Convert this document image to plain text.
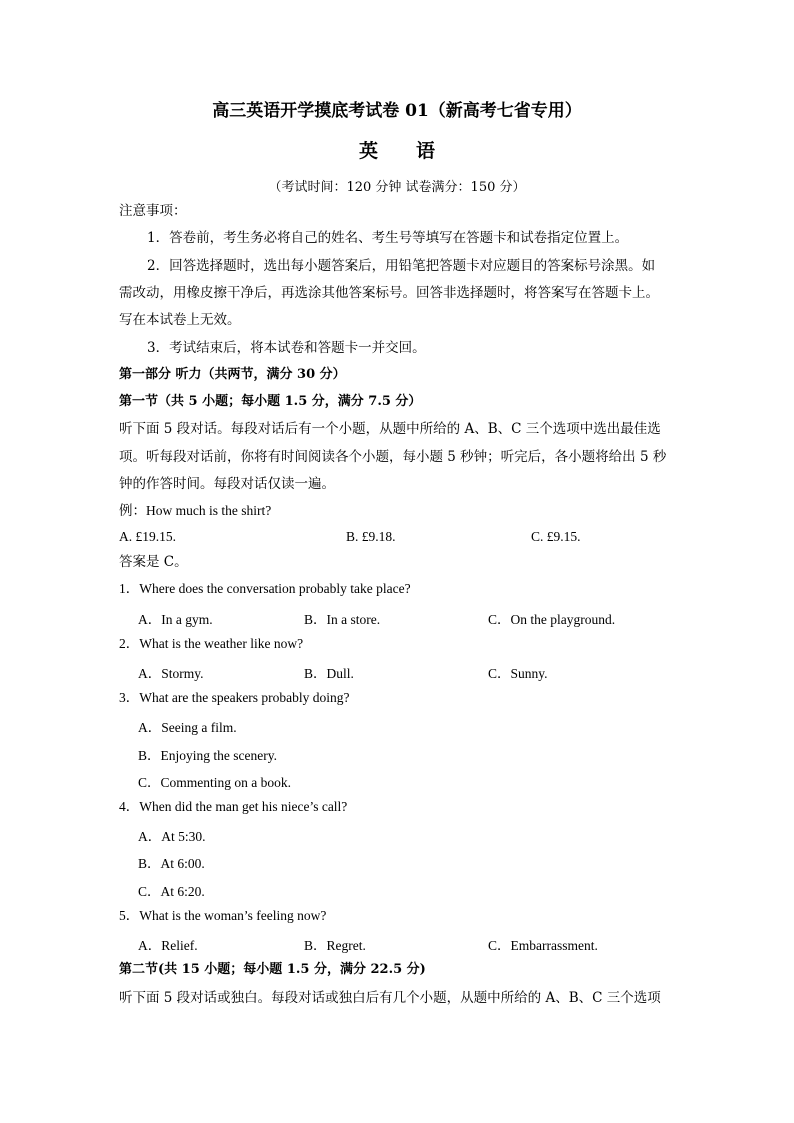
高三英语开学摸底考试卷 01（新高考七省专用）
英语
（考试时间：120 分钟 试卷满分：150 分）
注意事项：
1．答卷前，考生务必将自己的姓名、考生号等填写在答题卡和试卷指定位置上。
2．回答选择题时，选出每小题答案后，用铅笔把答题卡对应题目的答案标号涂黑。如
需改动，用橡皮擦干净后，再选涂其他答案标号。回答非选择题时，将答案写在答题卡上。
写在本试卷上无效。
3．考试结束后，将本试卷和答题卡一并交回。
第一部分 听力（共两节，满分 30 分）
第一节（共 5 小题；每小题 1.5 分，满分 7.5 分）
听下面 5 段对话。每段对话后有一个小题，从题中所给的 A、B、C 三个选项中选出最佳选
项。听每段对话前，你将有时间阅读各个小题，每小题 5 秒钟；听完后，各小题将给出 5 秒
钟的作答时间。每段对话仅读一遍。
例：How much is the shirt?
A. £19.15.	B. £9.18.	C. £9.15.
答案是 C。
1．Where does the conversation probably take place?
A．In a gym.	B．In a store.	C．On the playground.
2．What is the weather like now?
A．Stormy.	B．Dull.	C．Sunny.
3．What are the speakers probably doing?
A．Seeing a film.
B．Enjoying the scenery.
C．Commenting on a book.
4．When did the man get his niece’s call?
A．At 5:30.
B．At 6:00.
C．At 6:20.
5．What is the woman’s feeling now?
A．Relief.	B．Regret.	C．Embarrassment.
第二节(共 15 小题；每小题 1.5 分，满分 22.5 分)
听下面 5 段对话或独白。每段对话或独白后有几个小题，从题中所给的 A、B、C 三个选项
